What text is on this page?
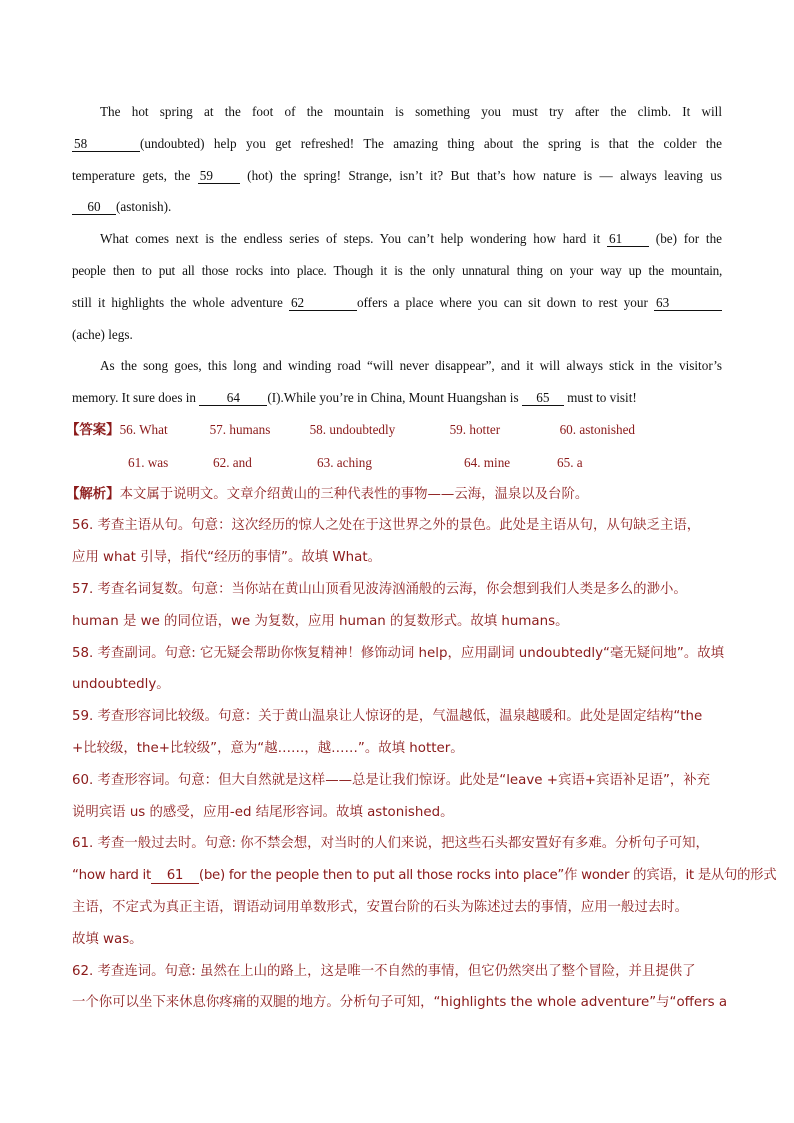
The hot spring at the foot of the mountain is something you must try after the climb. It will
58	(undoubted) help you get refreshed! The amazing thing about the spring is that the colder the
temperature gets, the 59	(hot) the spring! Strange, isn’t it? But that’s how nature is — always leaving us
60 (astonish).
What comes next is the endless series of steps. You can’t help wondering how hard it 61	(be) for the
people then to put all those rocks into place. Though it is the only unnatural thing on your way up the mountain,
still it highlights the whole adventure 62	offers a place where you can sit down to rest your 63
(ache) legs.
As the song goes, this long and winding road “will never disappear”, and it will always stick in the visitor’s
memory. It sure does in 64 (I).While you’re in China, Mount Huangshan is 65 must to visit!
【答案】56. What	57. humans	58. undoubtedly	59. hotter	60. astonished
61. was	62. and	63. aching	64. mine	65. a
【解析】本文属于说明文。文章介绍黄山的三种代表性的事物——云海，温泉以及台阶。
56. 考查主语从句。句意：这次经历的惊人之处在于这世界之外的景色。此处是主语从句，从句缺乏主语，
应用 what 引导，指代“经历的事情”。故填 What。
57. 考查名词复数。句意：当你站在黄山山顶看见波涛汹涌般的云海，你会想到我们人类是多么的渺小。
human 是 we 的同位语，we 为复数，应用 human 的复数形式。故填 humans。
58. 考查副词。句意: 它无疑会帮助你恢复精神！修饰动词 help，应用副词 undoubtedly“毫无疑问地”。故填
undoubtedly。
59. 考查形容词比较级。句意：关于黄山温泉让人惊讶的是，气温越低，温泉越暖和。此处是固定结构“the
+比较级，the+比较级”，意为“越……，越……”。故填 hotter。
60. 考查形容词。句意：但大自然就是这样——总是让我们惊讶。此处是“leave +宾语+宾语补足语”，补充
说明宾语 us 的感受，应用-ed 结尾形容词。故填 astonished。
61. 考查一般过去时。句意: 你不禁会想，对当时的人们来说，把这些石头都安置好有多难。分析句子可知，
“how hard it 61 (be) for the people then to put all those rocks into place”作 wonder 的宾语，it 是从句的形式
主语，不定式为真正主语，谓语动词用单数形式，安置台阶的石头为陈述过去的事情，应用一般过去时。
故填 was。
62. 考查连词。句意: 虽然在上山的路上，这是唯一不自然的事情，但它仍然突出了整个冒险，并且提供了
一个你可以坐下来休息你疼痛的双腿的地方。分析句子可知，“highlights the whole adventure”与“offers a
